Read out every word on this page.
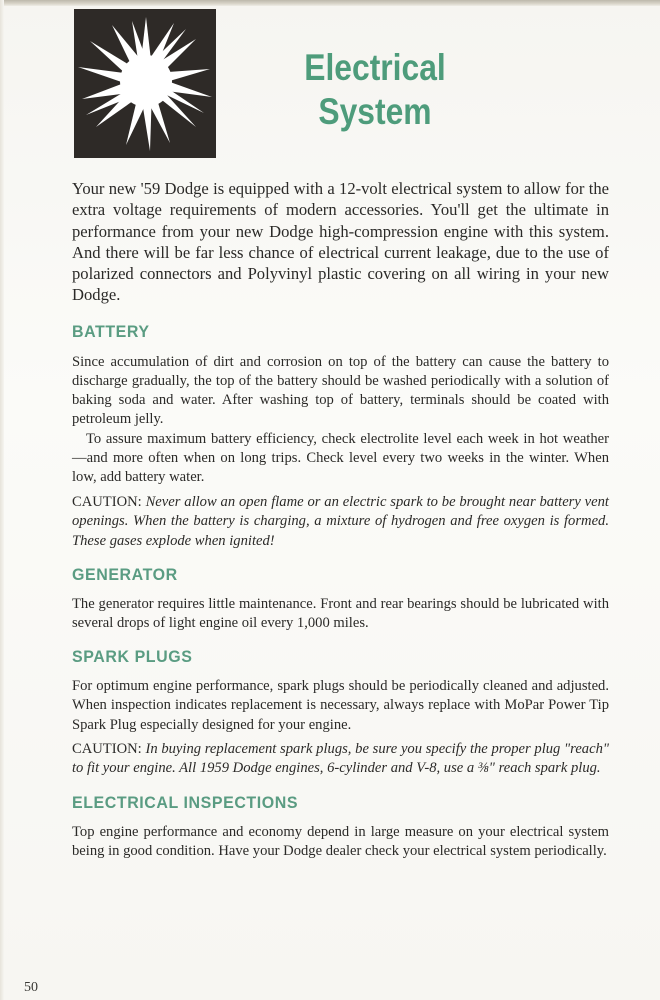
Electrical
System

Your new '59 Dodge is equipped with a 12-volt electrical system to allow for the extra voltage requirements of modern accessories. You'll get the ultimate in performance from your new Dodge high-compression engine with this system. And there will be far less chance of electrical current leakage, due to the use of polarized connectors and Polyvinyl plastic covering on all wiring in your new Dodge.

BATTERY

Since accumulation of dirt and corrosion on top of the battery can cause the battery to discharge gradually, the top of the battery should be washed periodically with a solution of baking soda and water. After washing top of battery, terminals should be coated with petroleum jelly.

To assure maximum battery efficiency, check electrolite level each week in hot weather—and more often when on long trips. Check level every two weeks in the winter. When low, add battery water.

CAUTION: Never allow an open flame or an electric spark to be brought near battery vent openings. When the battery is charging, a mixture of hydrogen and free oxygen is formed. These gases explode when ignited!

GENERATOR

The generator requires little maintenance. Front and rear bearings should be lubricated with several drops of light engine oil every 1,000 miles.

SPARK PLUGS

For optimum engine performance, spark plugs should be periodically cleaned and adjusted. When inspection indicates replacement is necessary, always replace with MoPar Power Tip Spark Plug especially designed for your engine.

CAUTION: In buying replacement spark plugs, be sure you specify the proper plug "reach" to fit your engine. All 1959 Dodge engines, 6-cylinder and V-8, use a ⅜" reach spark plug.

ELECTRICAL INSPECTIONS

Top engine performance and economy depend in large measure on your electrical system being in good condition. Have your Dodge dealer check your electrical system periodically.

50
